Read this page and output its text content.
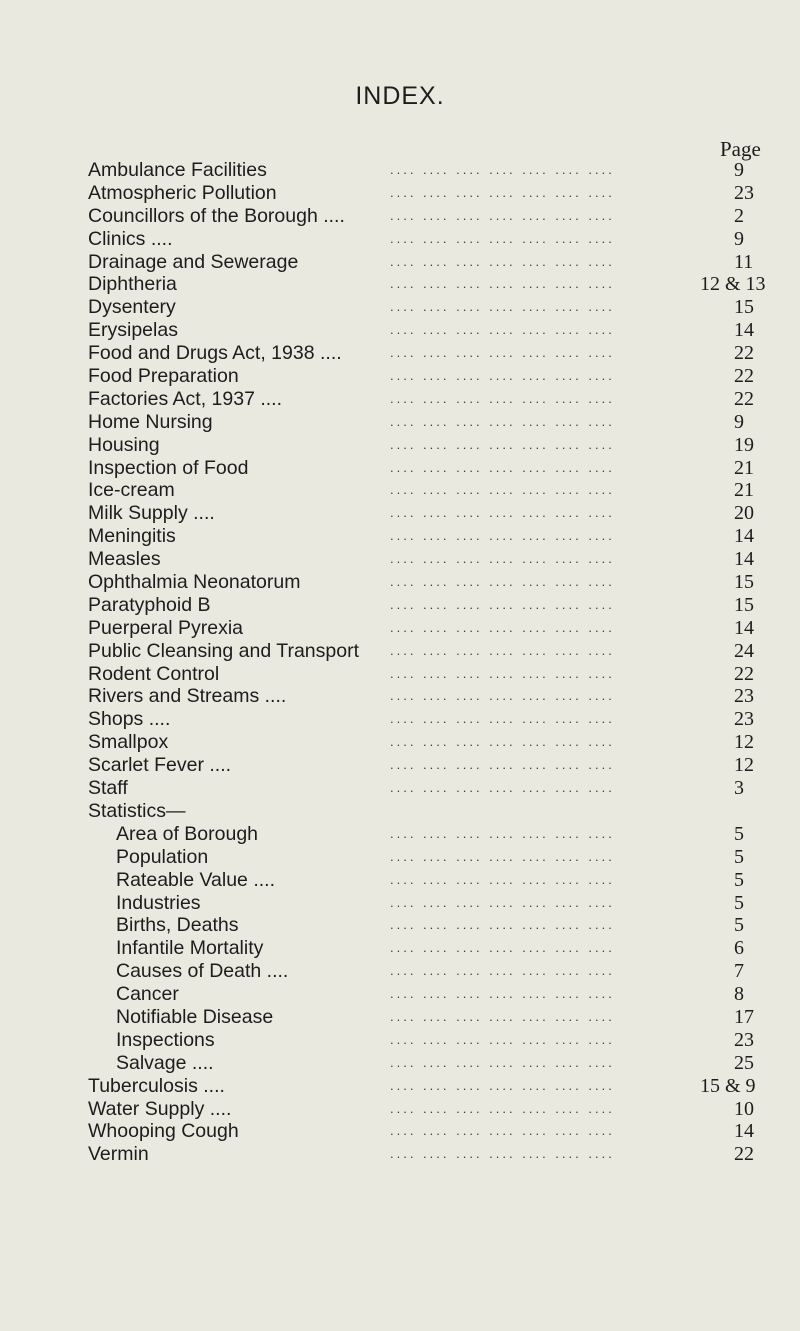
INDEX.
Page
Ambulance Facilities	.... .... .... .... .... .... ....	9
Atmospheric Pollution	.... .... .... .... .... .... ....	23
Councillors of the Borough ....	.... .... .... .... .... .... ....	2
Clinics ....	.... .... .... .... .... .... ....	9
Drainage and Sewerage	.... .... .... .... .... .... ....	11
Diphtheria	.... .... .... .... .... .... ....	12 & 13
Dysentery	.... .... .... .... .... .... ....	15
Erysipelas	.... .... .... .... .... .... ....	14
Food and Drugs Act, 1938 ....	.... .... .... .... .... .... ....	22
Food Preparation	.... .... .... .... .... .... ....	22
Factories Act, 1937 ....	.... .... .... .... .... .... ....	22
Home Nursing	.... .... .... .... .... .... ....	9
Housing	.... .... .... .... .... .... ....	19
Inspection of Food	.... .... .... .... .... .... ....	21
Ice-cream	.... .... .... .... .... .... ....	21
Milk Supply ....	.... .... .... .... .... .... ....	20
Meningitis	.... .... .... .... .... .... ....	14
Measles	.... .... .... .... .... .... ....	14
Ophthalmia Neonatorum	.... .... .... .... .... .... ....	15
Paratyphoid B	.... .... .... .... .... .... ....	15
Puerperal Pyrexia	.... .... .... .... .... .... ....	14
Public Cleansing and Transport .... .... .... .... .... .... ....	24
Rodent Control	.... .... .... .... .... .... ....	22
Rivers and Streams ....	.... .... .... .... .... .... ....	23
Shops ....	.... .... .... .... .... .... ....	23
Smallpox	.... .... .... .... .... .... ....	12
Scarlet Fever ....	.... .... .... .... .... .... ....	12
Staff	.... .... .... .... .... .... ....	3
Statistics—
Area of Borough	.... .... .... .... .... .... ....	5
Population	.... .... .... .... .... .... ....	5
Rateable Value ....	.... .... .... .... .... .... ....	5
Industries	.... .... .... .... .... .... ....	5
Births, Deaths	.... .... .... .... .... .... ....	5
Infantile Mortality	.... .... .... .... .... .... ....	6
Causes of Death ....	.... .... .... .... .... .... ....	7
Cancer	.... .... .... .... .... .... ....	8
Notifiable Disease	.... .... .... .... .... .... ....	17
Inspections	.... .... .... .... .... .... ....	23
Salvage ....	.... .... .... .... .... .... ....	25
Tuberculosis ....	.... .... .... .... .... .... ....	15 & 9
Water Supply ....	.... .... .... .... .... .... ....	10
Whooping Cough	.... .... .... .... .... .... ....	14
Vermin	.... .... .... .... .... .... ....	22
